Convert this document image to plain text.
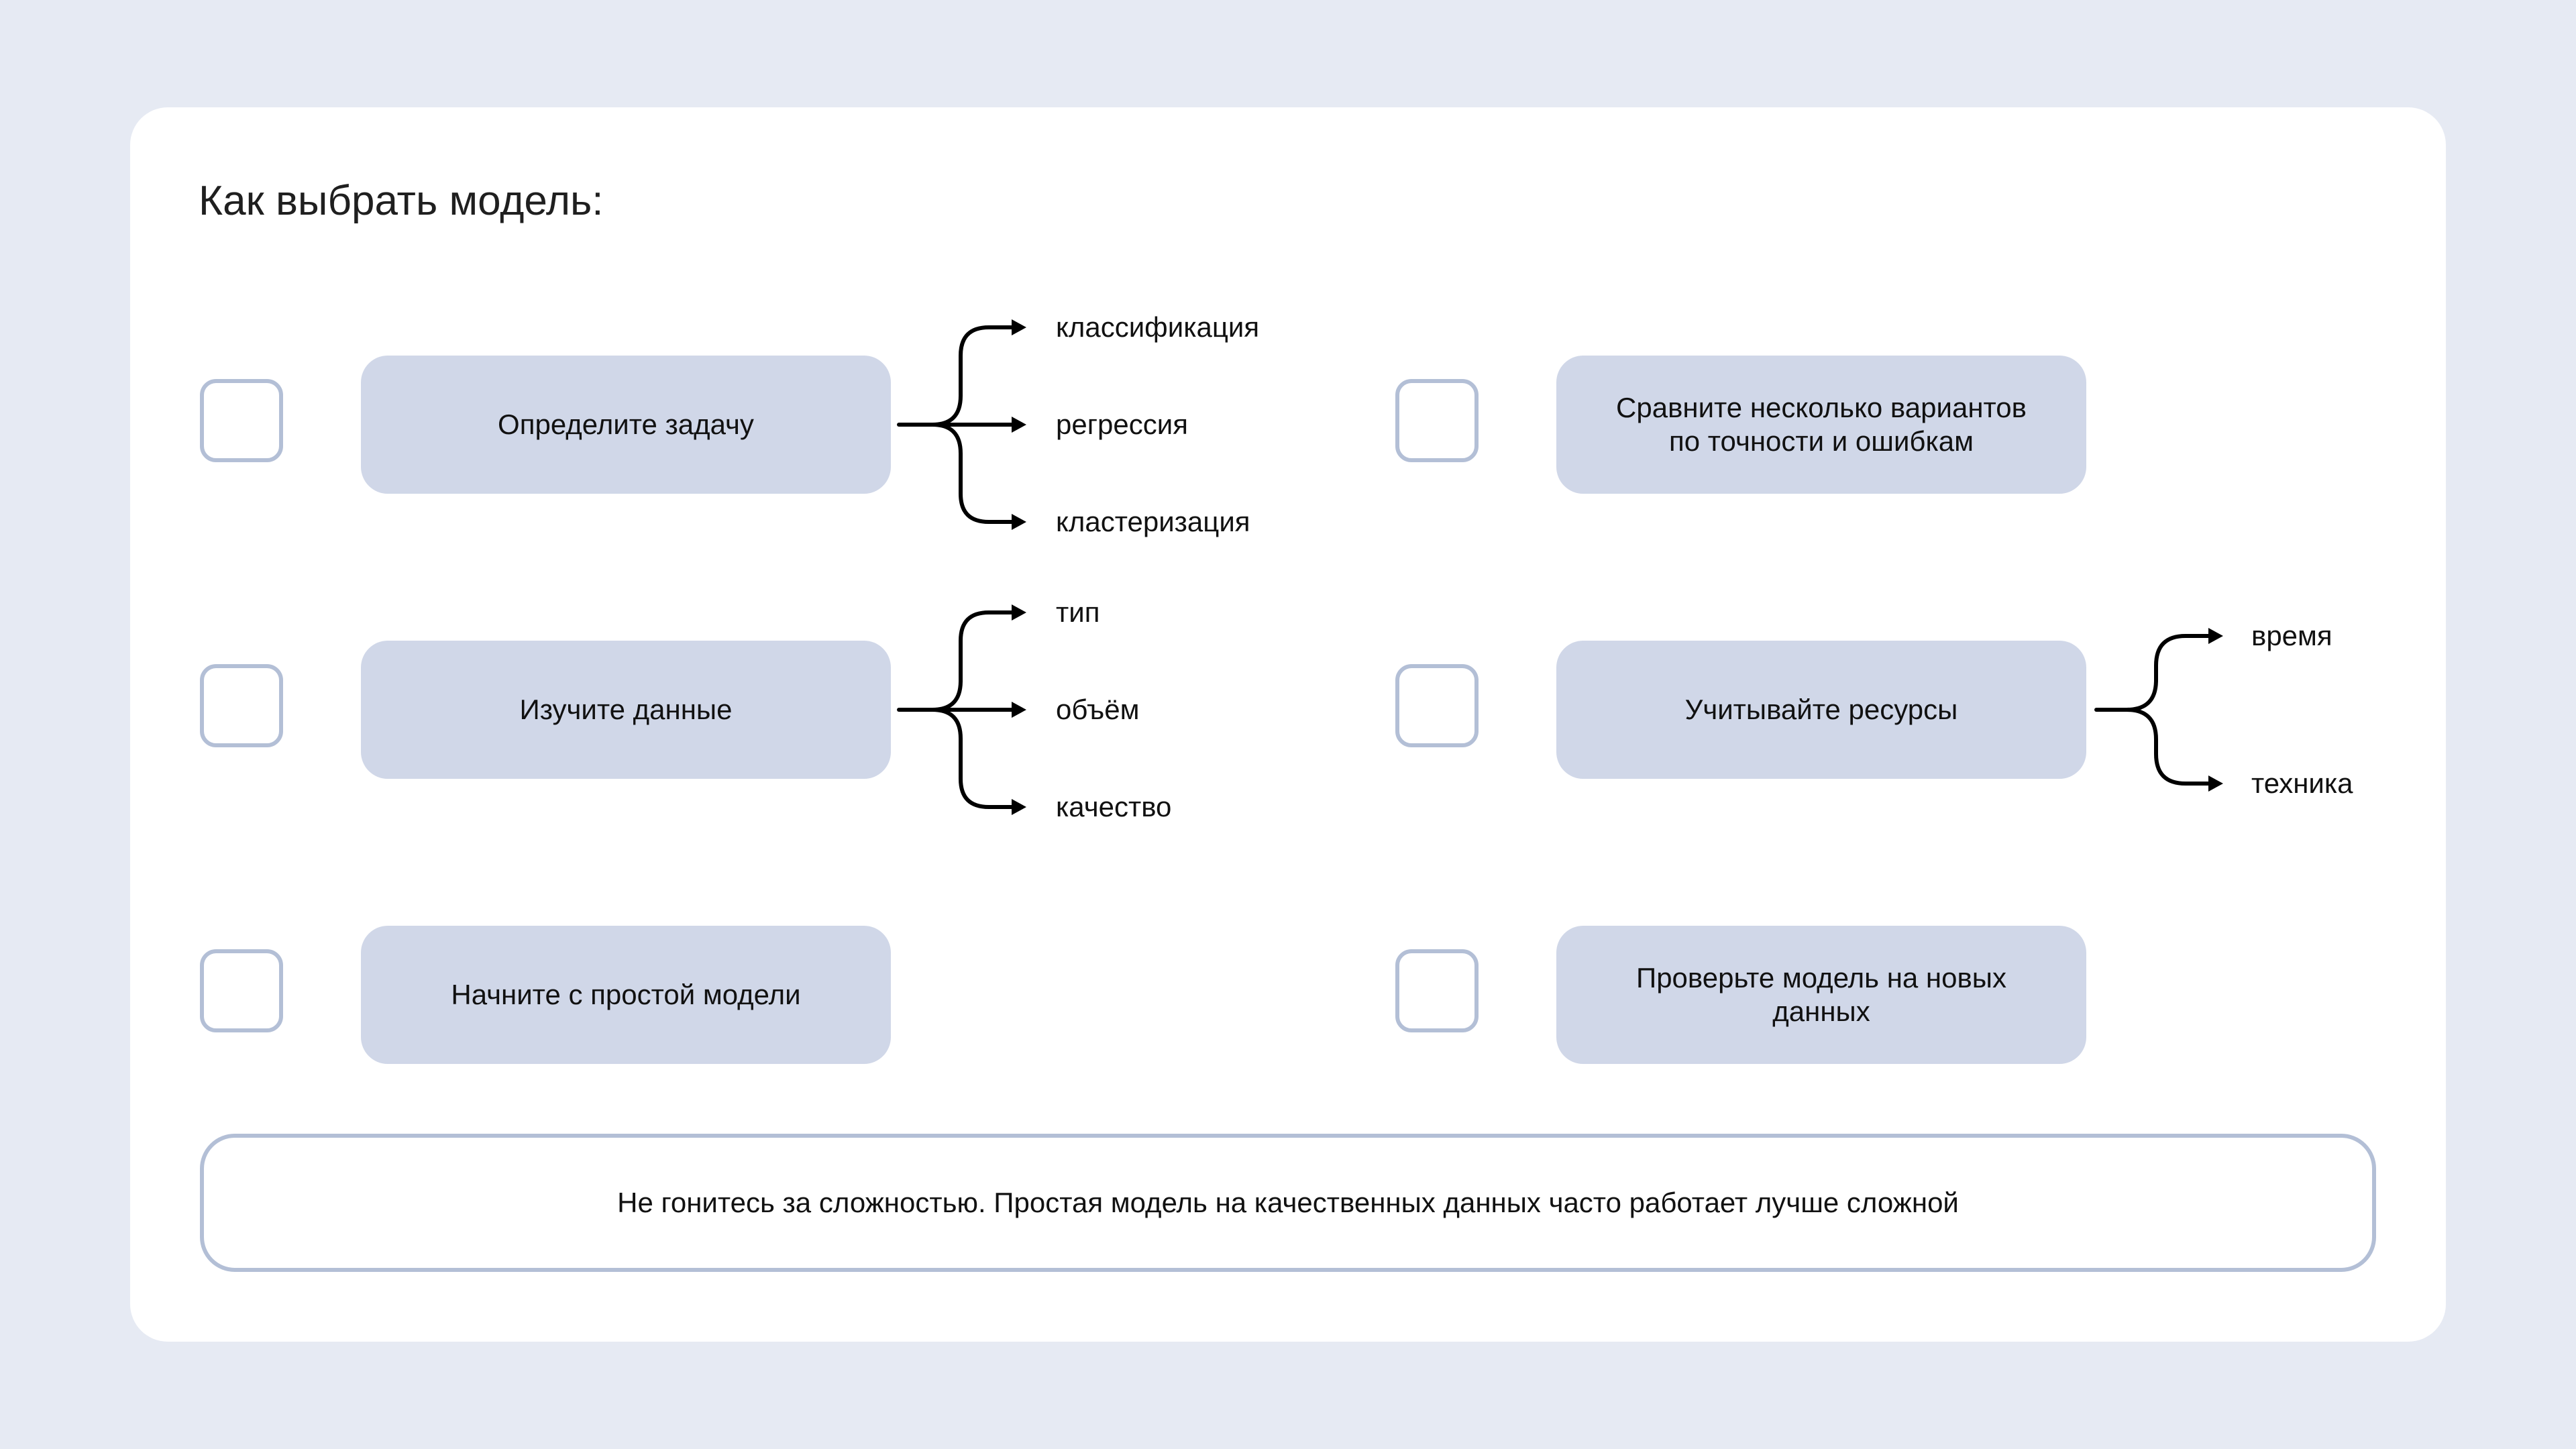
Как выбрать модель:
Определите задачу
Изучите данные
Начните с простой модели
Сравните несколько вариантов
по точности и ошибкам
Учитывайте ресурсы
Проверьте модель на новых
данных
классификация
регрессия
кластеризация
тип
объём
качество
время
техника
Не гонитесь за сложностью. Простая модель на качественных данных часто работает лучше сложной
